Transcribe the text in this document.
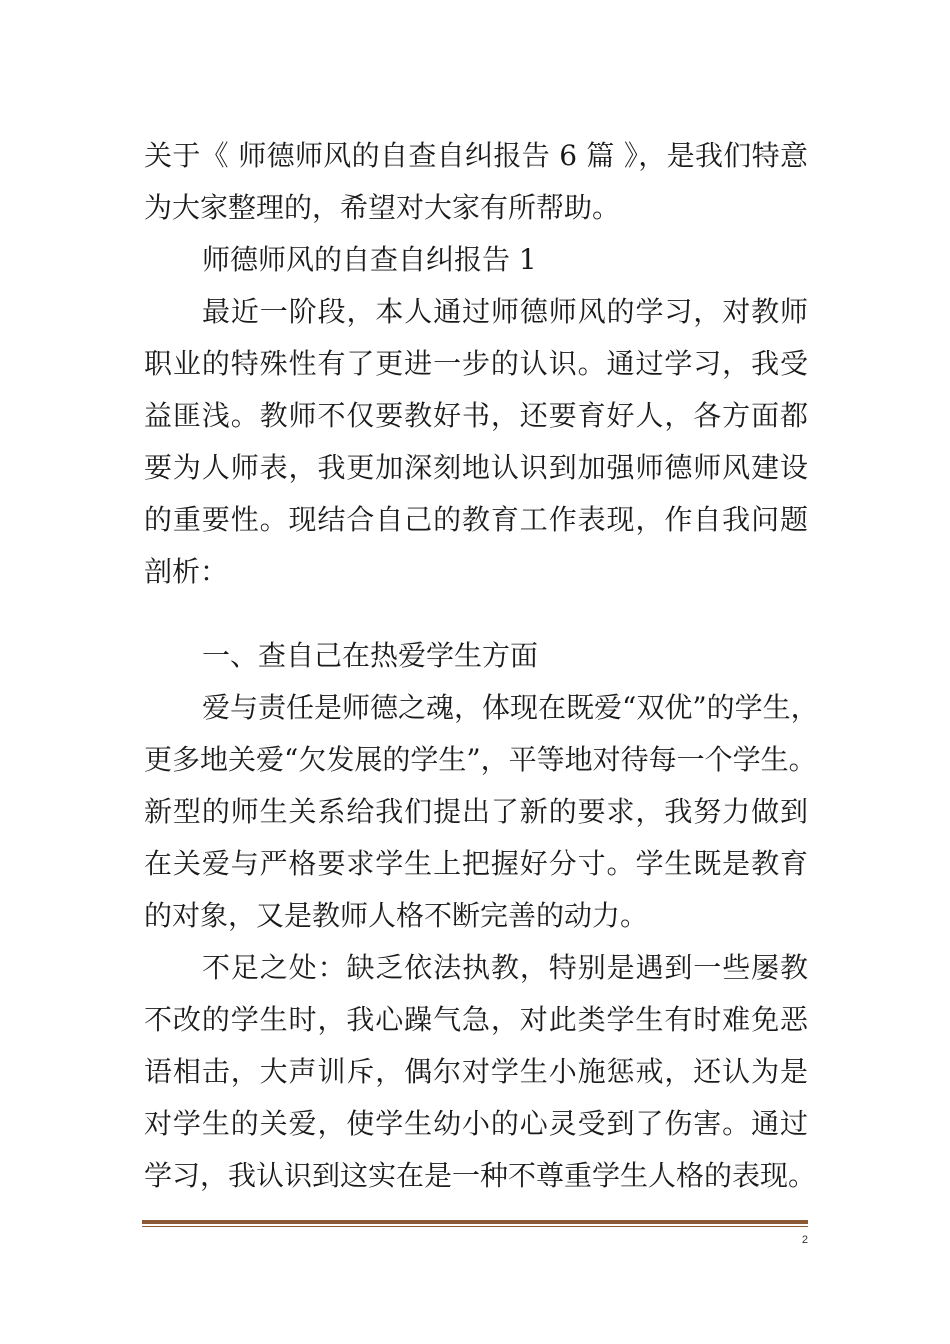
关于《 师德师风的自查自纠报告 6 篇 》，是我们特意
为大家整理的，希望对大家有所帮助。
师德师风的自查自纠报告 1
最近一阶段，本人通过师德师风的学习，对教师
职业的特殊性有了更进一步的认识。通过学习，我受
益匪浅。教师不仅要教好书，还要育好人，各方面都
要为人师表，我更加深刻地认识到加强师德师风建设
的重要性。现结合自己的教育工作表现，作自我问题
剖析：
一、查自己在热爱学生方面
爱与责任是师德之魂，体现在既爱“双优”的学生，
更多地关爱“欠发展的学生”，平等地对待每一个学生。
新型的师生关系给我们提出了新的要求，我努力做到
在关爱与严格要求学生上把握好分寸。学生既是教育
的对象，又是教师人格不断完善的动力。
不足之处：缺乏依法执教，特别是遇到一些屡教
不改的学生时，我心躁气急，对此类学生有时难免恶
语相击，大声训斥，偶尔对学生小施惩戒，还认为是
对学生的关爱，使学生幼小的心灵受到了伤害。通过
学习，我认识到这实在是一种不尊重学生人格的表现。
2
